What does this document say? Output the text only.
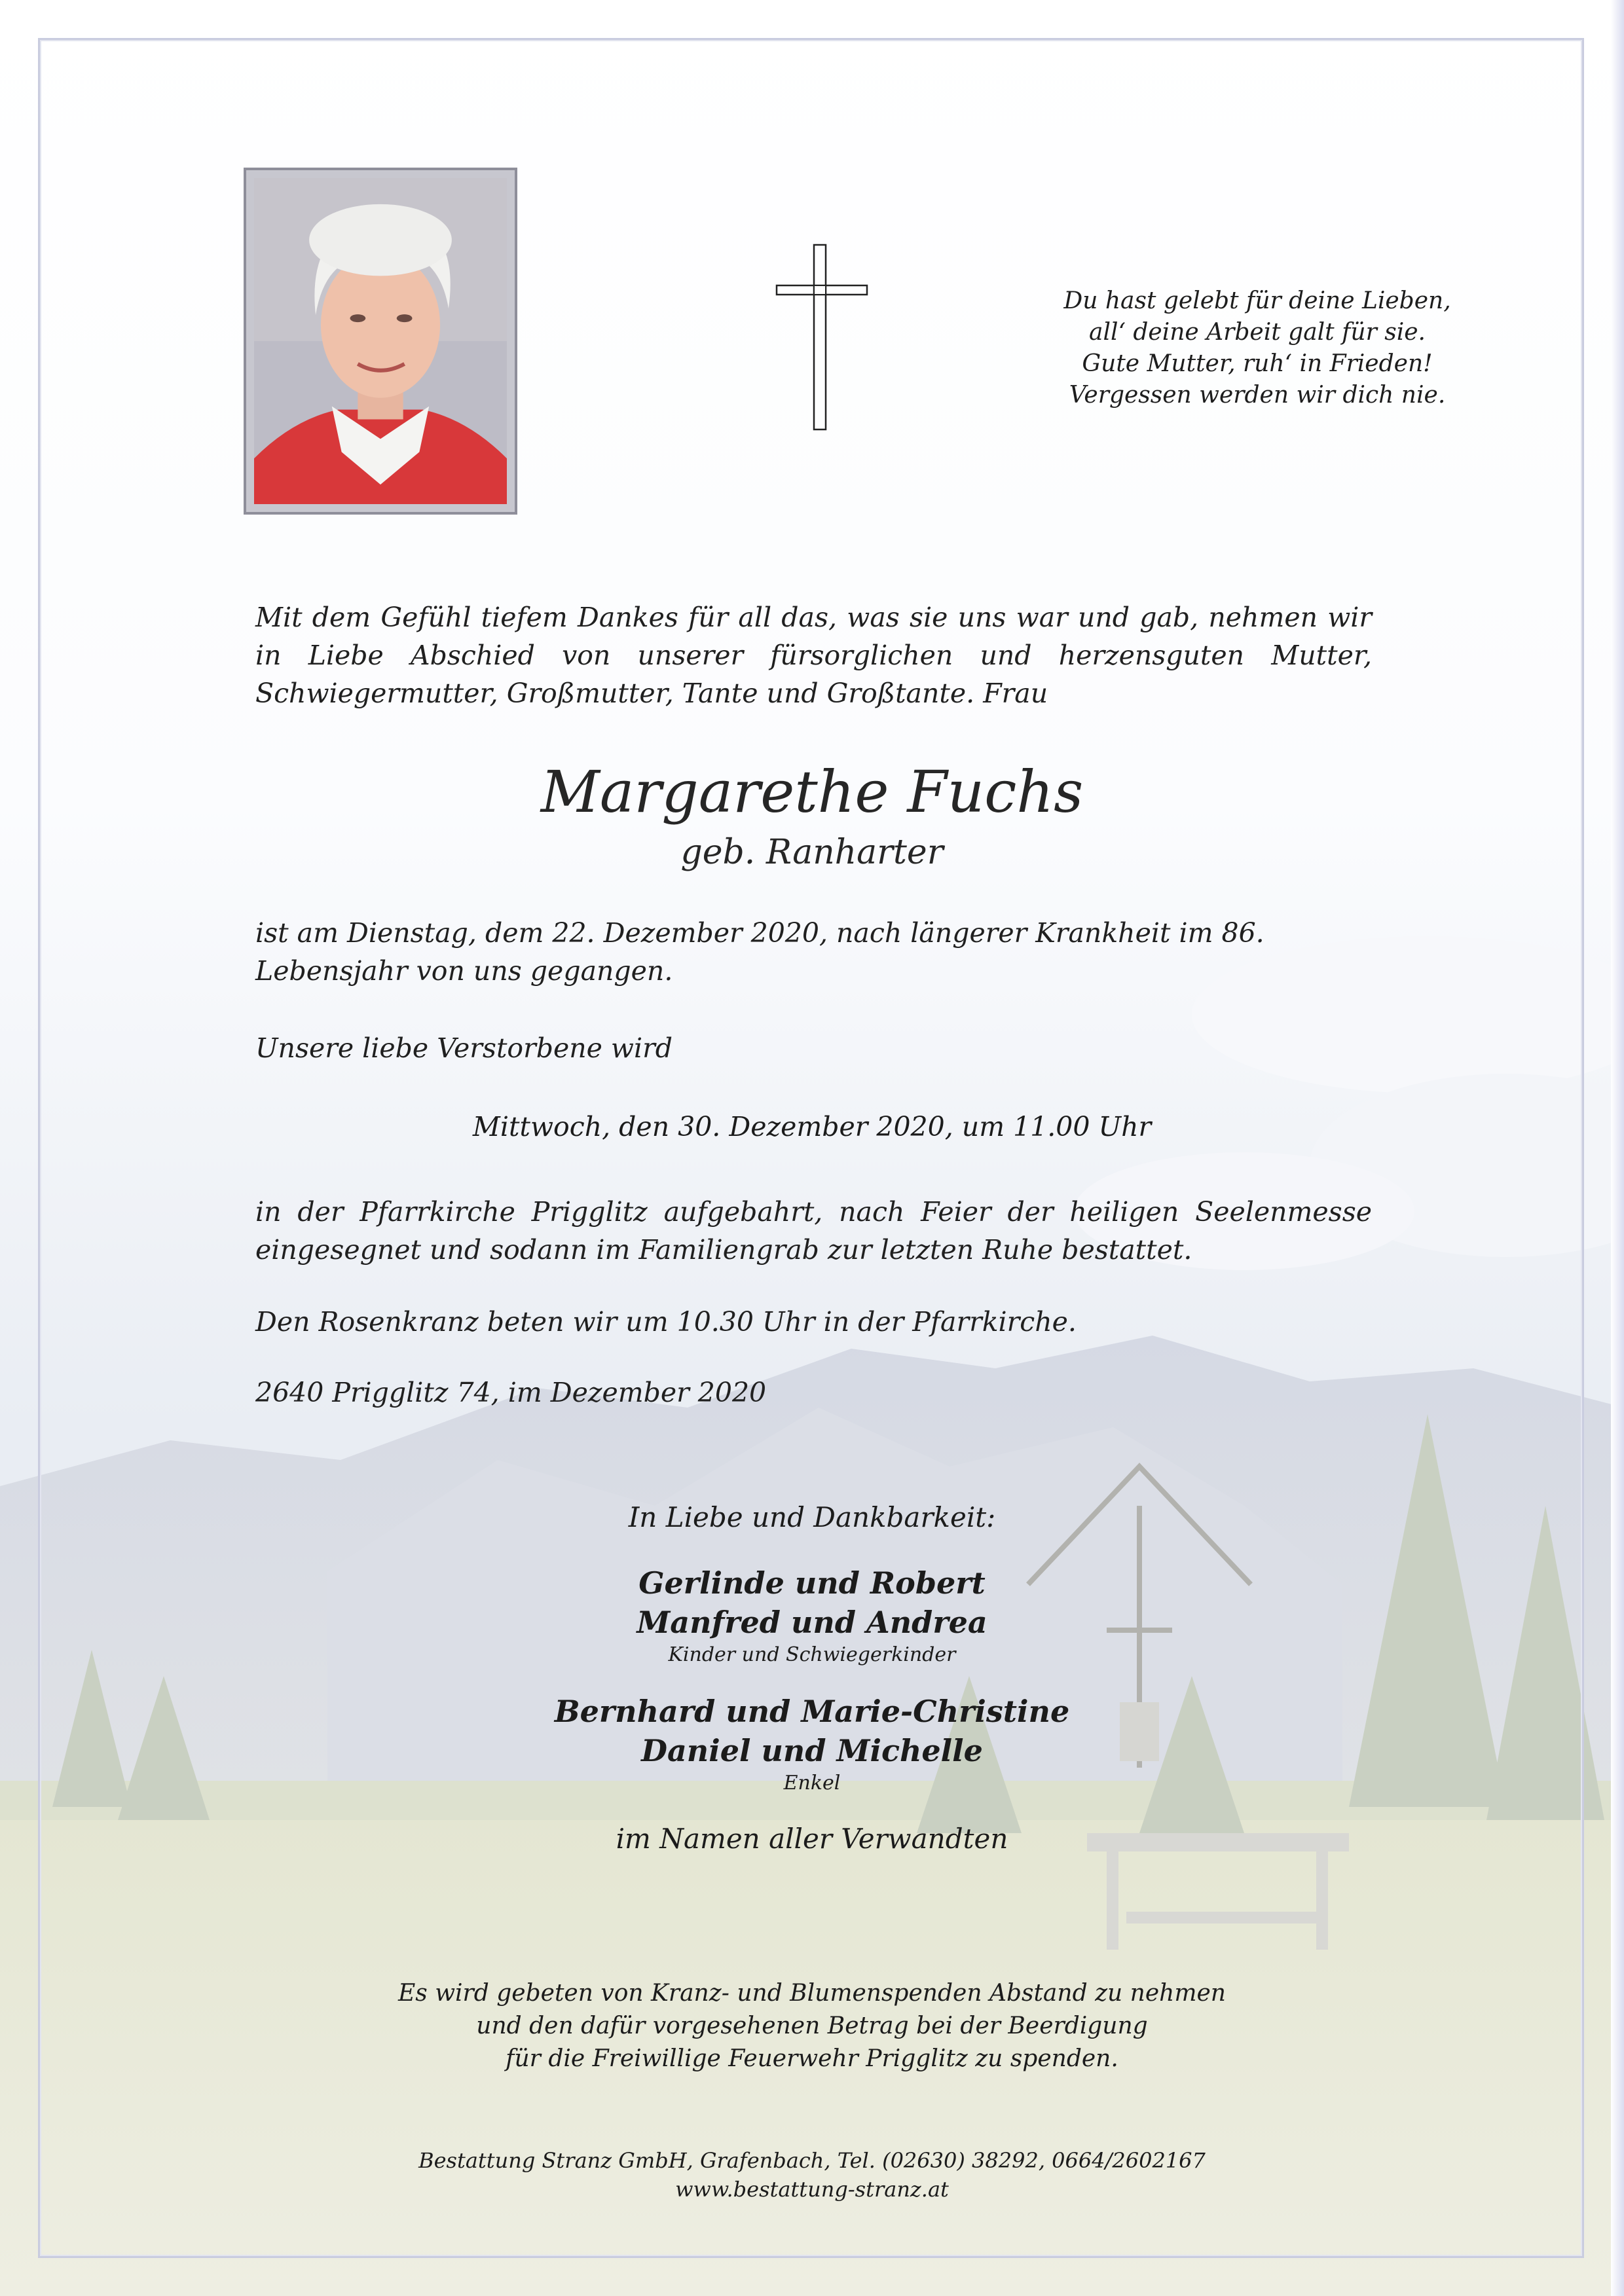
Du hast gelebt für deine Lieben,
all‘ deine Arbeit galt für sie.
Gute Mutter, ruh‘ in Frieden!
Vergessen werden wir dich nie.
Mit dem Gefühl tiefem Dankes für all das, was sie uns war und gab, nehmen wir in Liebe Abschied von unserer fürsorglichen und herzensguten Mutter, Schwiegermutter, Großmutter, Tante und Großtante. Frau
Margarethe Fuchs
geb. Ranharter
ist am Dienstag, dem 22. Dezember 2020, nach längerer Krankheit im 86. Lebensjahr von uns gegangen.
Unsere liebe Verstorbene wird
Mittwoch, den 30. Dezember 2020, um 11.00 Uhr
in der Pfarrkirche Prigglitz aufgebahrt, nach Feier der heiligen Seelenmesse eingesegnet und sodann im Familiengrab zur letzten Ruhe bestattet.
Den Rosenkranz beten wir um 10.30 Uhr in der Pfarrkirche.
2640 Prigglitz 74, im Dezember 2020
In Liebe und Dankbarkeit:
Gerlinde und Robert
Manfred und Andrea
Kinder und Schwiegerkinder
Bernhard und Marie-Christine
Daniel und Michelle
Enkel
im Namen aller Verwandten
Es wird gebeten von Kranz- und Blumenspenden Abstand zu nehmen
und den dafür vorgesehenen Betrag bei der Beerdigung
für die Freiwillige Feuerwehr Prigglitz zu spenden.
Bestattung Stranz GmbH, Grafenbach, Tel. (02630) 38292, 0664/2602167
www.bestattung-stranz.at
